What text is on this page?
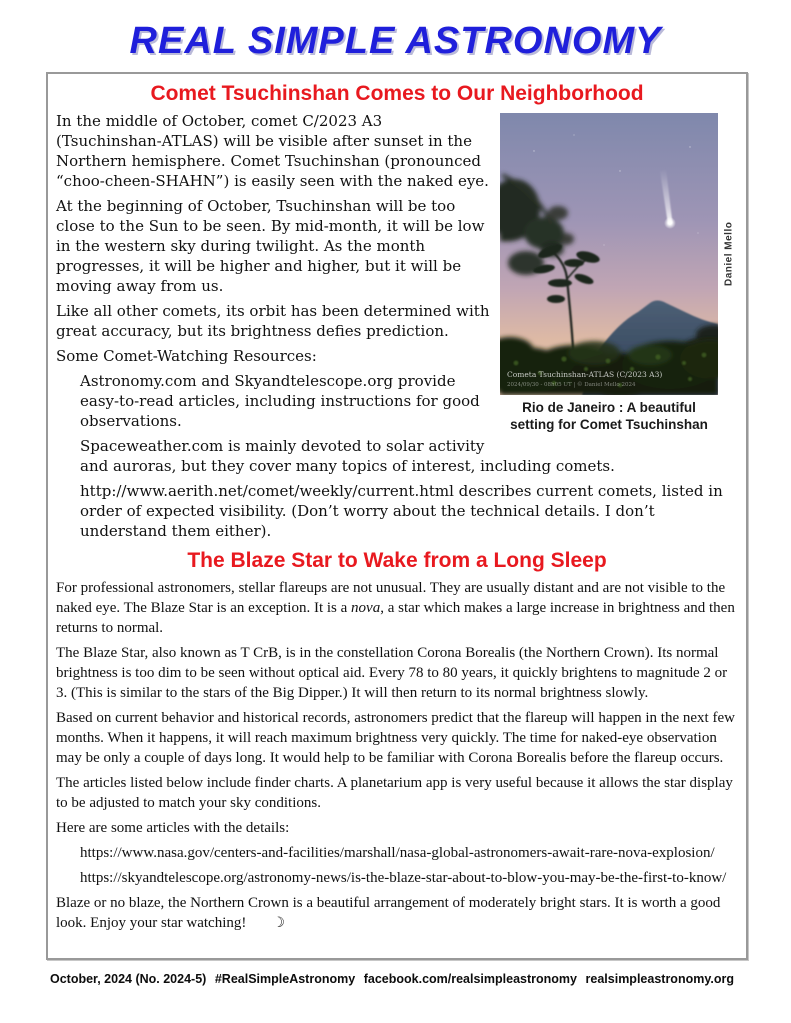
REAL SIMPLE ASTRONOMY
Comet Tsuchinshan Comes to Our Neighborhood
Cometa Tsuchinshan-ATLAS (C/2023 A3)
2024/09/30 - 08h05 UT | © Daniel Mello 2024
Daniel Mello
Rio de Janeiro : A beautiful setting for Comet Tsuchinshan

In the middle of October, comet C/2023 A3 (Tsuchinshan-ATLAS) will be visible after sunset in the Northern hemisphere. Comet Tsuchinshan (pronounced “choo-cheen-SHAHN”) is easily seen with the naked eye.

At the beginning of October, Tsuchinshan will be too close to the Sun to be seen. By mid-month, it will be low in the western sky during twilight. As the month progresses, it will be higher and higher, but it will be moving away from us.

Like all other comets, its orbit has been determined with great accuracy, but its brightness defies prediction.

Some Comet-Watching Resources:

Astronomy.com and Skyandtelescope.org provide easy-to-read articles, including instructions for good observations.

Spaceweather.com is mainly devoted to solar activity and auroras, but they cover many topics of interest, including comets.

http://www.aerith.net/comet/weekly/current.html describes current comets, listed in order of expected visibility. (Don’t worry about the technical details. I don’t understand them either).

The Blaze Star to Wake from a Long Sleep

For professional astronomers, stellar flareups are not unusual. They are usually distant and are not visible to the naked eye. The Blaze Star is an exception. It is a nova, a star which makes a large increase in brightness and then returns to normal.

The Blaze Star, also known as T CrB, is in the constellation Corona Borealis (the Northern Crown). Its normal brightness is too dim to be seen without optical aid. Every 78 to 80 years, it quickly brightens to magnitude 2 or 3. (This is similar to the stars of the Big Dipper.) It will then return to its normal brightness slowly.

Based on current behavior and historical records, astronomers predict that the flareup will happen in the next few months. When it happens, it will reach maximum brightness very quickly. The time for naked-eye observation may be only a couple of days long. It would help to be familiar with Corona Borealis before the flareup occurs.

The articles listed below include finder charts. A planetarium app is very useful because it allows the star display to be adjusted to match your sky conditions.

Here are some articles with the details:

https://www.nasa.gov/centers-and-facilities/marshall/nasa-global-astronomers-await-rare-nova-explosion/

https://skyandtelescope.org/astronomy-news/is-the-blaze-star-about-to-blow-you-may-be-the-first-to-know/

Blaze or no blaze, the Northern Crown is a beautiful arrangement of moderately bright stars. It is worth a good look. Enjoy your star watching! ☽

October, 2024 (No. 2024-5) #RealSimpleAstronomy facebook.com/realsimpleastronomy realsimpleastronomy.org
